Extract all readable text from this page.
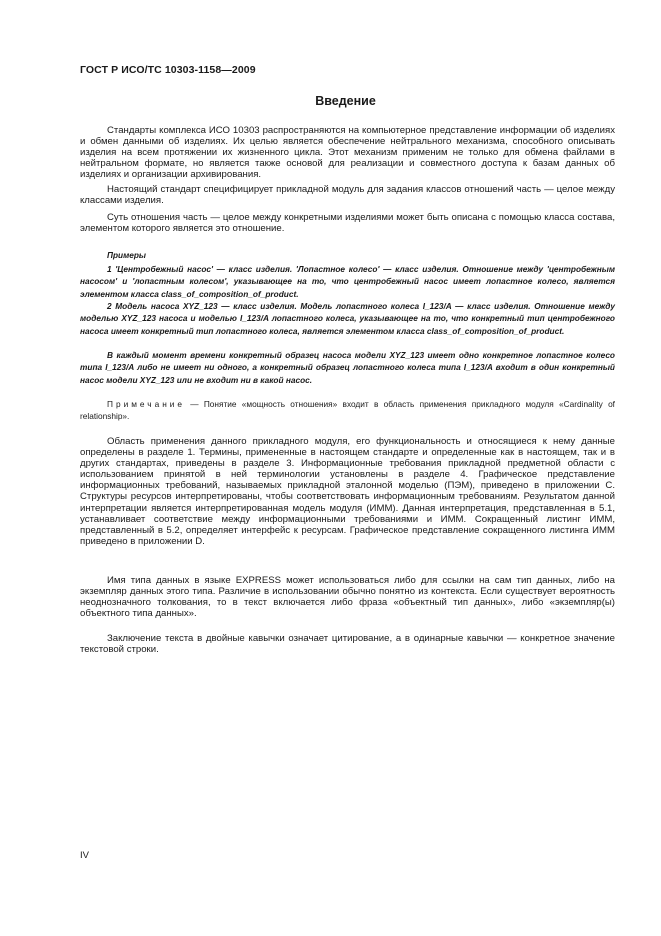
ГОСТ Р ИСО/ТС 10303-1158—2009
Введение

Стандарты комплекса ИСО 10303 распространяются на компьютерное представление информации об изделиях и обмен данными об изделиях. Их целью является обеспечение нейтрального механизма, способного описывать изделия на всем протяжении их жизненного цикла. Этот механизм применим не только для обмена файлами в нейтральном формате, но является также основой для реализации и совместного доступа к базам данных об изделиях и организации архивирования.

Настоящий стандарт специфицирует прикладной модуль для задания классов отношений часть — целое между классами изделия.

Суть отношения часть — целое между конкретными изделиями может быть описана с помощью класса состава, элементом которого является это отношение.

Примеры

1 'Центробежный насос' — класс изделия. 'Лопастное колесо' — класс изделия. Отношение между 'центробежным насосом' и 'лопастным колесом', указывающее на то, что центробежный насос имеет лопастное колесо, является элементом класса class_of_composition_of_product.

2 Модель насоса XYZ_123 — класс изделия. Модель лопастного колеса I_123/A — класс изделия. Отношение между моделью XYZ_123 насоса и моделью I_123/A лопастного колеса, указывающее на то, что конкретный тип центробежного насоса имеет конкретный тип лопастного колеса, является элементом класса class_of_composition_of_product.

В каждый момент времени конкретный образец насоса модели XYZ_123 имеет одно конкретное лопастное колесо типа I_123/A либо не имеет ни одного, а конкретный образец лопастного колеса типа I_123/A входит в один конкретный насос модели XYZ_123 или не входит ни в какой насос.

Примечание — Понятие «мощность отношения» входит в область применения прикладного модуля «Cardinality of relationship».

Область применения данного прикладного модуля, его функциональность и относящиеся к нему данные определены в разделе 1. Термины, примененные в настоящем стандарте и определенные как в настоящем, так и в других стандартах, приведены в разделе 3. Информационные требования прикладной предметной области с использованием принятой в ней терминологии установлены в разделе 4. Графическое представление информационных требований, называемых прикладной эталонной моделью (ПЭМ), приведено в приложении С. Структуры ресурсов интерпретированы, чтобы соответствовать информационным требованиям. Результатом данной интерпретации является интерпретированная модель модуля (ИММ). Данная интерпретация, представленная в 5.1, устанавливает соответствие между информационными требованиями и ИММ. Сокращенный листинг ИММ, представленный в 5.2, определяет интерфейс к ресурсам. Графическое представление сокращенного листинга ИММ приведено в приложении D.

Имя типа данных в языке EXPRESS может использоваться либо для ссылки на сам тип данных, либо на экземпляр данных этого типа. Различие в использовании обычно понятно из контекста. Если существует вероятность неоднозначного толкования, то в текст включается либо фраза «объектный тип данных», либо «экземпляр(ы) объектного типа данных».

Заключение текста в двойные кавычки означает цитирование, а в одинарные кавычки — конкретное значение текстовой строки.

IV
